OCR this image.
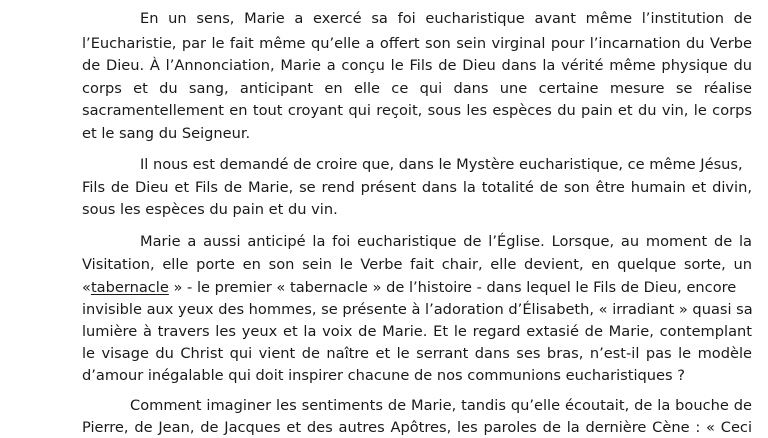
En un sens, Marie a exercé sa foi eucharistique avant même l’institution de
l’Eucharistie, par le fait même qu’elle a offert son sein virginal pour l’incarnation du Verbe
de Dieu. À l’Annonciation, Marie a conçu le Fils de Dieu dans la vérité même physique du
corps et du sang, anticipant en elle ce qui dans une certaine mesure se réalise
sacramentellement en tout croyant qui reçoit, sous les espèces du pain et du vin, le corps
et le sang du Seigneur.
Il nous est demandé de croire que, dans le Mystère eucharistique, ce même Jésus,
Fils de Dieu et Fils de Marie, se rend présent dans la totalité de son être humain et divin,
sous les espèces du pain et du vin.
Marie a aussi anticipé la foi eucharistique de l’Église. Lorsque, au moment de la
Visitation, elle porte en son sein le Verbe fait chair, elle devient, en quelque sorte, un
« tabernacle » - le premier « tabernacle » de l’histoire - dans lequel le Fils de Dieu, encore
invisible aux yeux des hommes, se présente à l’adoration d’Élisabeth, « irradiant » quasi sa
lumière à travers les yeux et la voix de Marie. Et le regard extasié de Marie, contemplant
le visage du Christ qui vient de naître et le serrant dans ses bras, n’est-il pas le modèle
d’amour inégalable qui doit inspirer chacune de nos communions eucharistiques ?
Comment imaginer les sentiments de Marie, tandis qu’elle écoutait, de la bouche de
Pierre, de Jean, de Jacques et des autres Apôtres, les paroles de la dernière Cène : « Ceci
